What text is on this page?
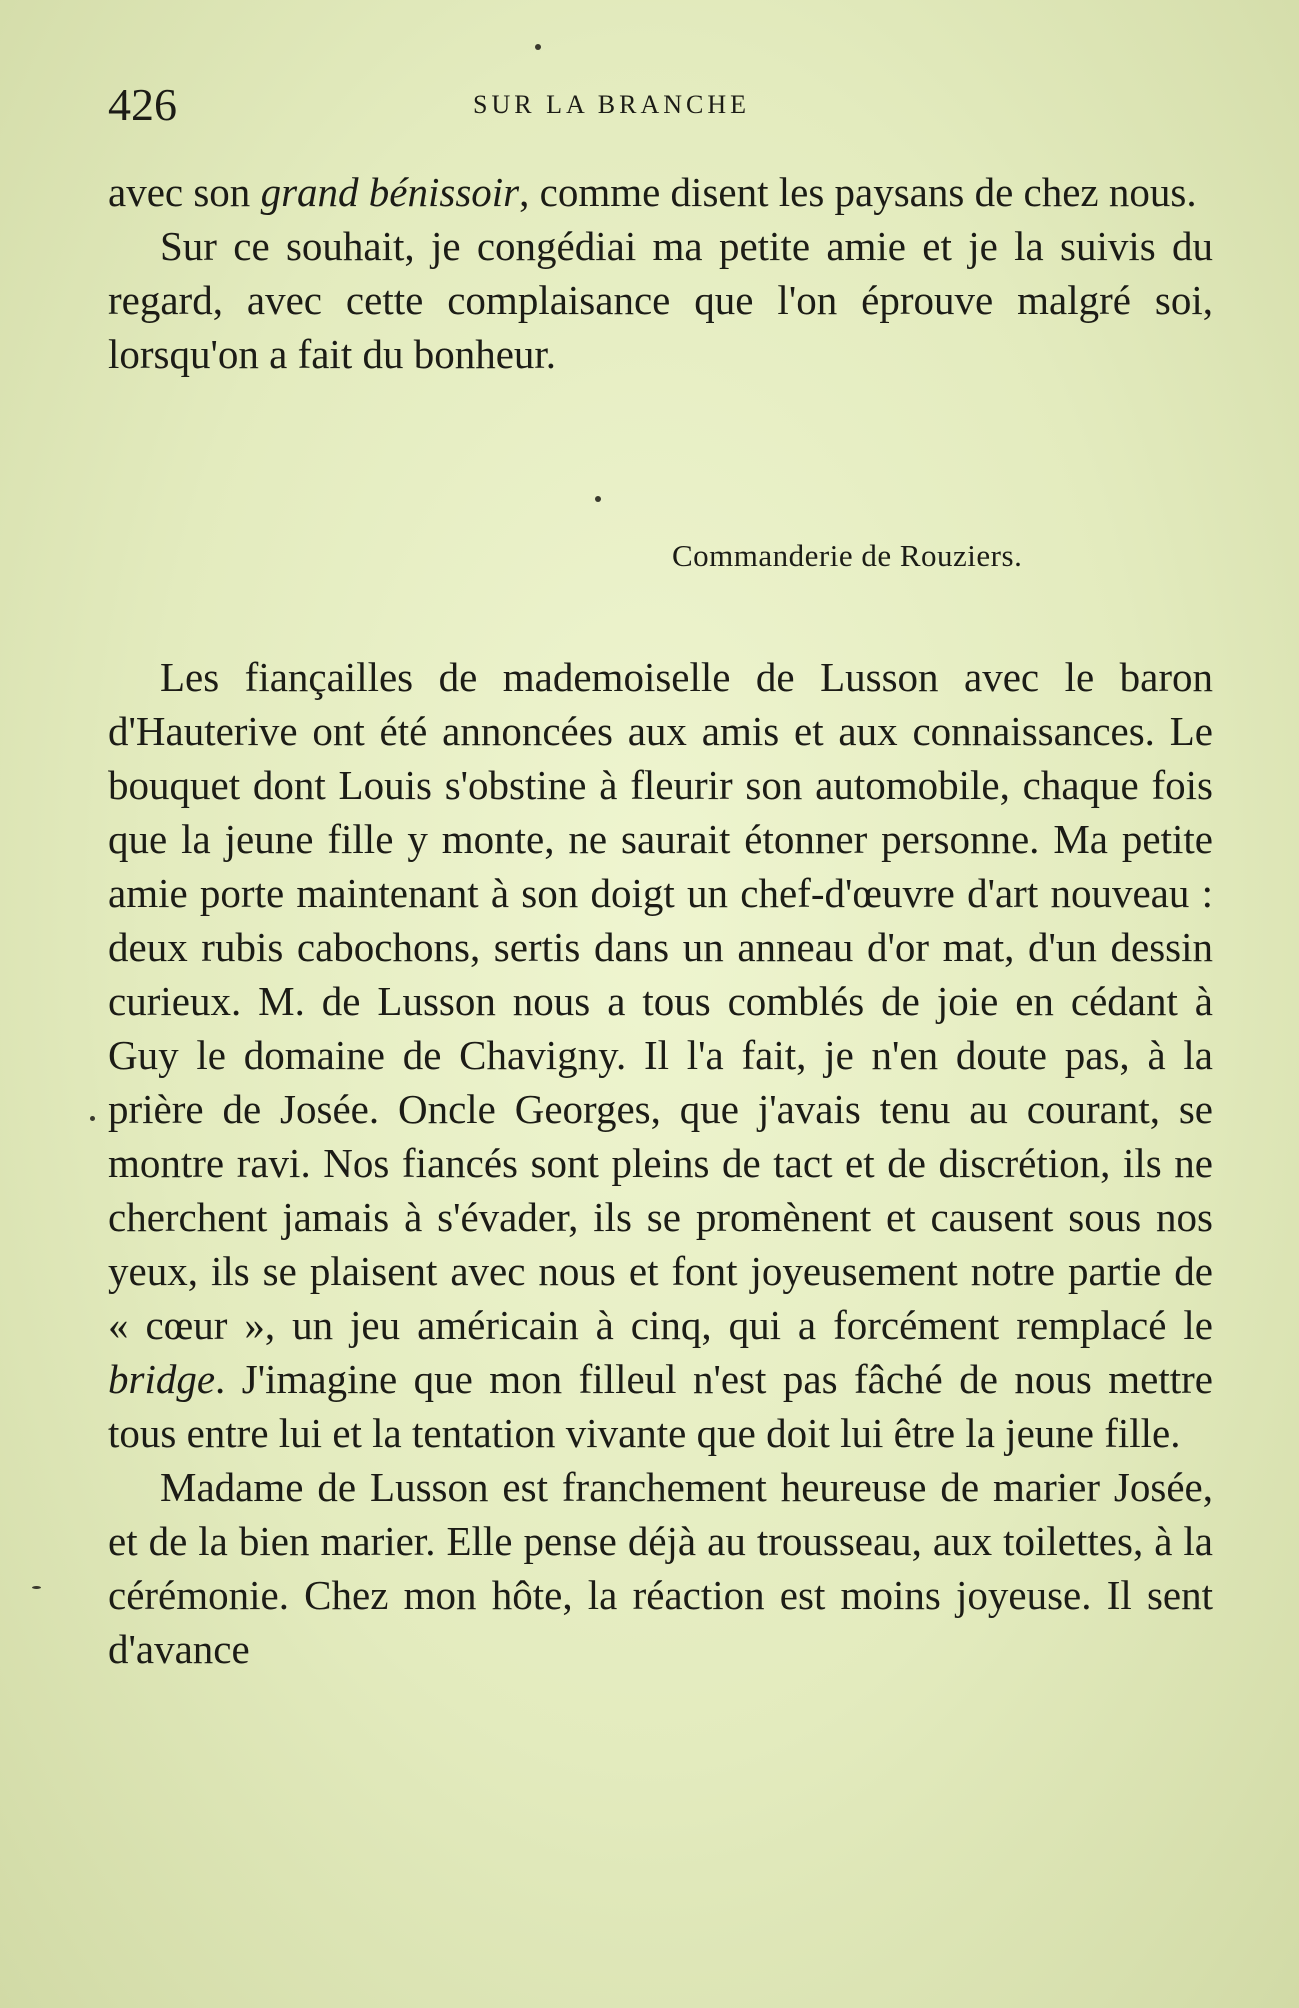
426	SUR LA BRANCHE

avec son grand bénissoir, comme disent les paysans de chez nous.

Sur ce souhait, je congédiai ma petite amie et je la suivis du regard, avec cette complaisance que l'on éprouve malgré soi, lorsqu'on a fait du bonheur.

Commanderie de Rouziers.

Les fiançailles de mademoiselle de Lusson avec le baron d'Hauterive ont été annoncées aux amis et aux connaissances. Le bouquet dont Louis s'obstine à fleurir son automobile, chaque fois que la jeune fille y monte, ne saurait étonner personne. Ma petite amie porte maintenant à son doigt un chef-d'œuvre d'art nouveau : deux rubis cabochons, sertis dans un anneau d'or mat, d'un dessin curieux. M. de Lusson nous a tous comblés de joie en cédant à Guy le domaine de Chavigny. Il l'a fait, je n'en doute pas, à la prière de Josée. Oncle Georges, que j'avais tenu au courant, se montre ravi. Nos fiancés sont pleins de tact et de discrétion, ils ne cherchent jamais à s'évader, ils se promènent et causent sous nos yeux, ils se plaisent avec nous et font joyeusement notre partie de « cœur », un jeu américain à cinq, qui a forcément remplacé le bridge. J'imagine que mon filleul n'est pas fâché de nous mettre tous entre lui et la tentation vivante que doit lui être la jeune fille.

Madame de Lusson est franchement heureuse de marier Josée, et de la bien marier. Elle pense déjà au trousseau, aux toilettes, à la cérémonie. Chez mon hôte, la réaction est moins joyeuse. Il sent d'avance
